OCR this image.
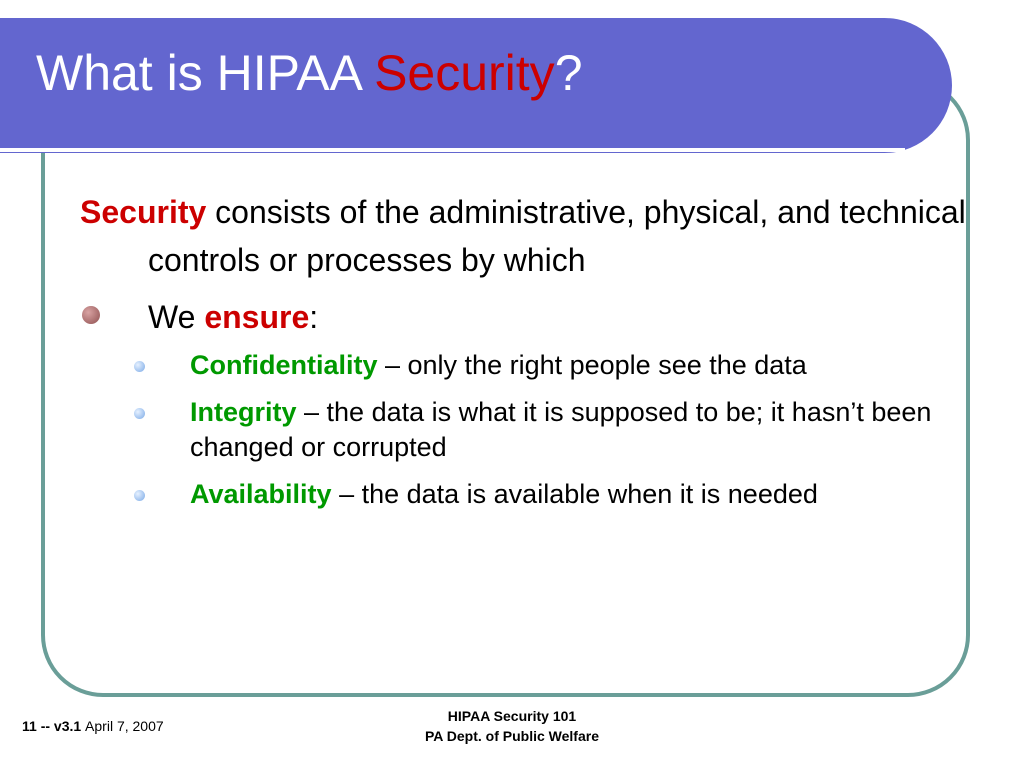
What is HIPAA Security?
Security consists of the administrative, physical, and technical controls or processes by which
We ensure:
Confidentiality – only the right people see the data
Integrity – the data is what it is supposed to be; it hasn’t been changed or corrupted
Availability – the data is available when it is needed
11 -- v3.1 April 7, 2007
HIPAA Security 101
PA Dept. of Public Welfare
